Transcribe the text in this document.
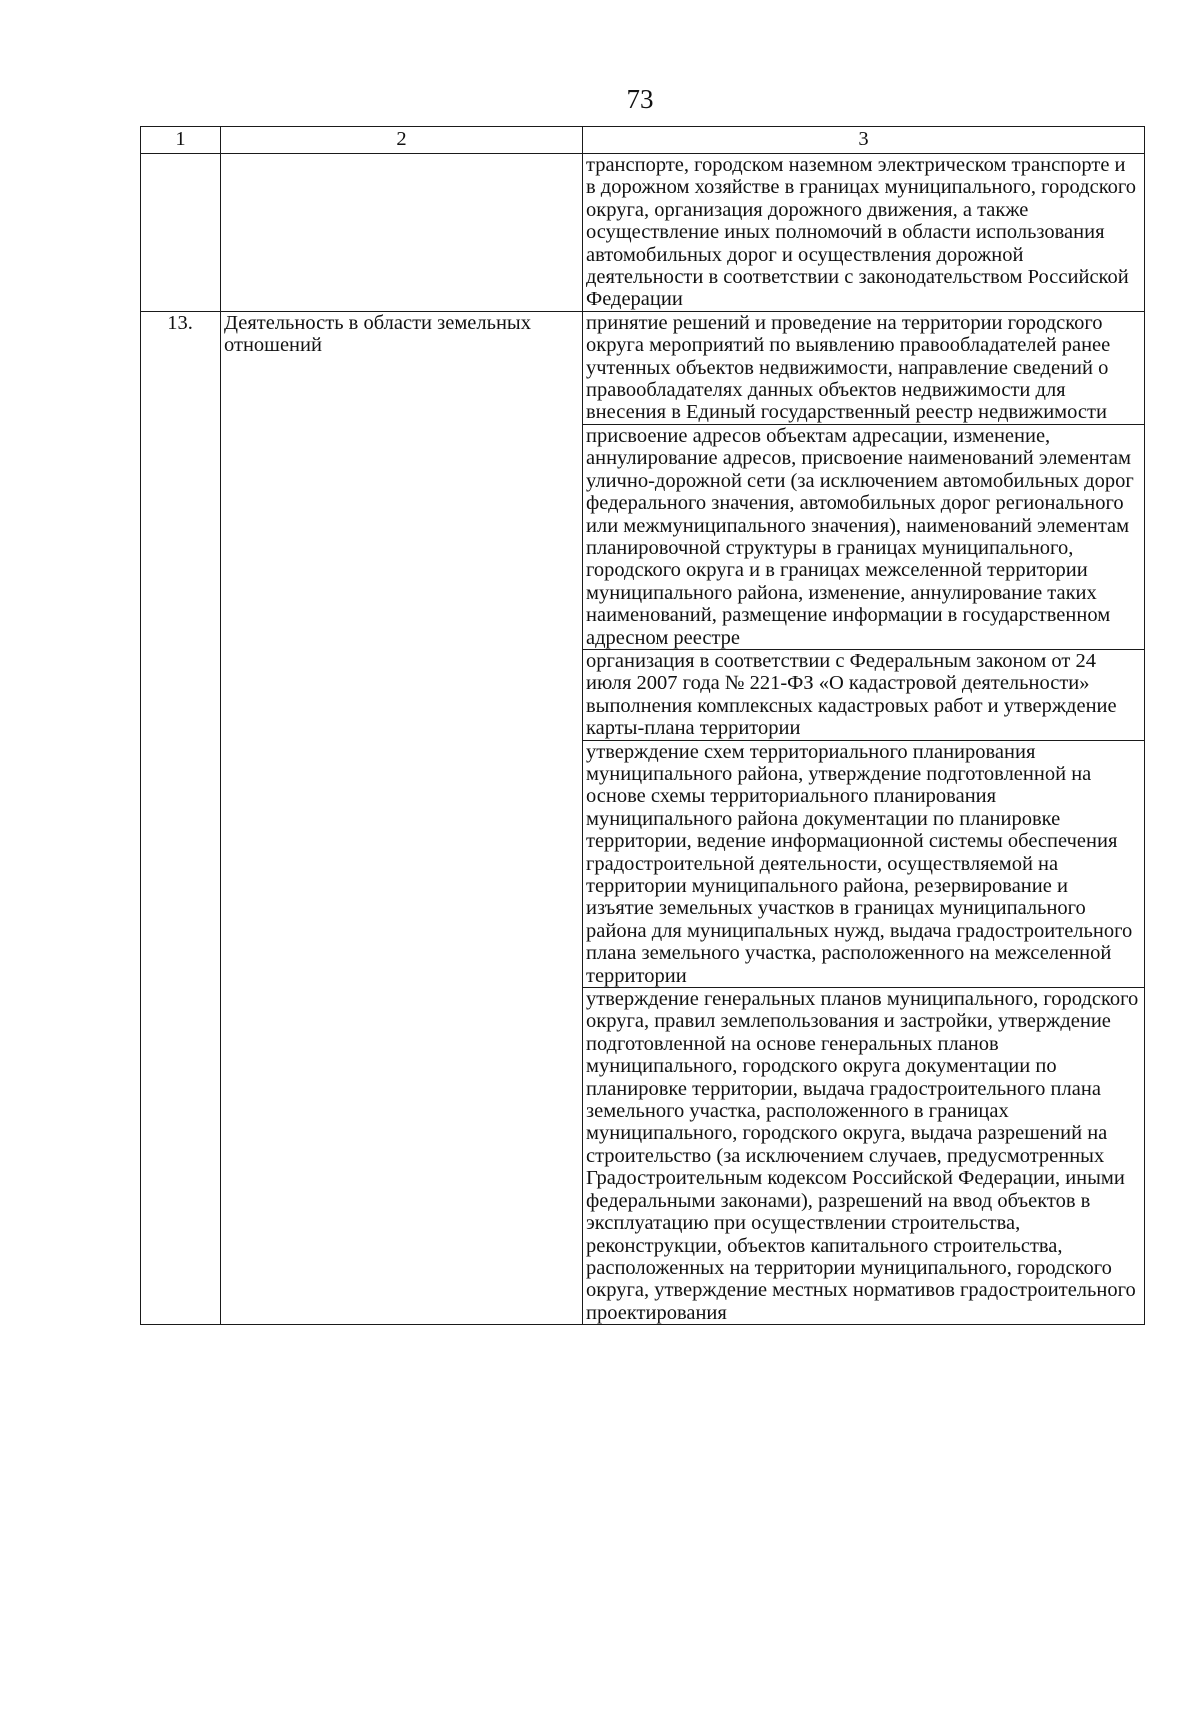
73
1	2	3

		транспорте, городском наземном электрическом транспорте и в дорожном хозяйстве в границах муниципального, городского округа, организация дорожного движения, а также осуществление иных полномочий в области использования автомобильных дорог и осуществления дорожной деятельности в соответствии с законодательством Российской Федерации

13.	Деятельность в области земельных отношений	принятие решений и проведение на территории городского округа мероприятий по выявлению правообладателей ранее учтенных объектов недвижимости, направление сведений о правообладателях данных объектов недвижимости для внесения в Единый государственный реестр недвижимости

		присвоение адресов объектам адресации, изменение, аннулирование адресов, присвоение наименований элементам улично-дорожной сети (за исключением автомобильных дорог федерального значения, автомобильных дорог регионального или межмуниципального значения), наименований элементам планировочной структуры в границах муниципального, городского округа и в границах межселенной территории муниципального района, изменение, аннулирование таких наименований, размещение информации в государственном адресном реестре

		организация в соответствии с Федеральным законом от 24 июля 2007 года № 221-ФЗ «О кадастровой деятельности» выполнения комплексных кадастровых работ и утверждение карты-плана территории

		утверждение схем территориального планирования муниципального района, утверждение подготовленной на основе схемы территориального планирования муниципального района документации по планировке территории, ведение информационной системы обеспечения градостроительной деятельности, осуществляемой на территории муниципального района, резервирование и изъятие земельных участков в границах муниципального района для муниципальных нужд, выдача градостроительного плана земельного участка, расположенного на межселенной территории

		утверждение генеральных планов муниципального, городского округа, правил землепользования и застройки, утверждение подготовленной на основе генеральных планов муниципального, городского округа документации по планировке территории, выдача градостроительного плана земельного участка, расположенного в границах муниципального, городского округа, выдача разрешений на строительство (за исключением случаев, предусмотренных Градостроительным кодексом Российской Федерации, иными федеральными законами), разрешений на ввод объектов в эксплуатацию при осуществлении строительства, реконструкции, объектов капитального строительства, расположенных на территории муниципального, городского округа, утверждение местных нормативов градостроительного проектирования
